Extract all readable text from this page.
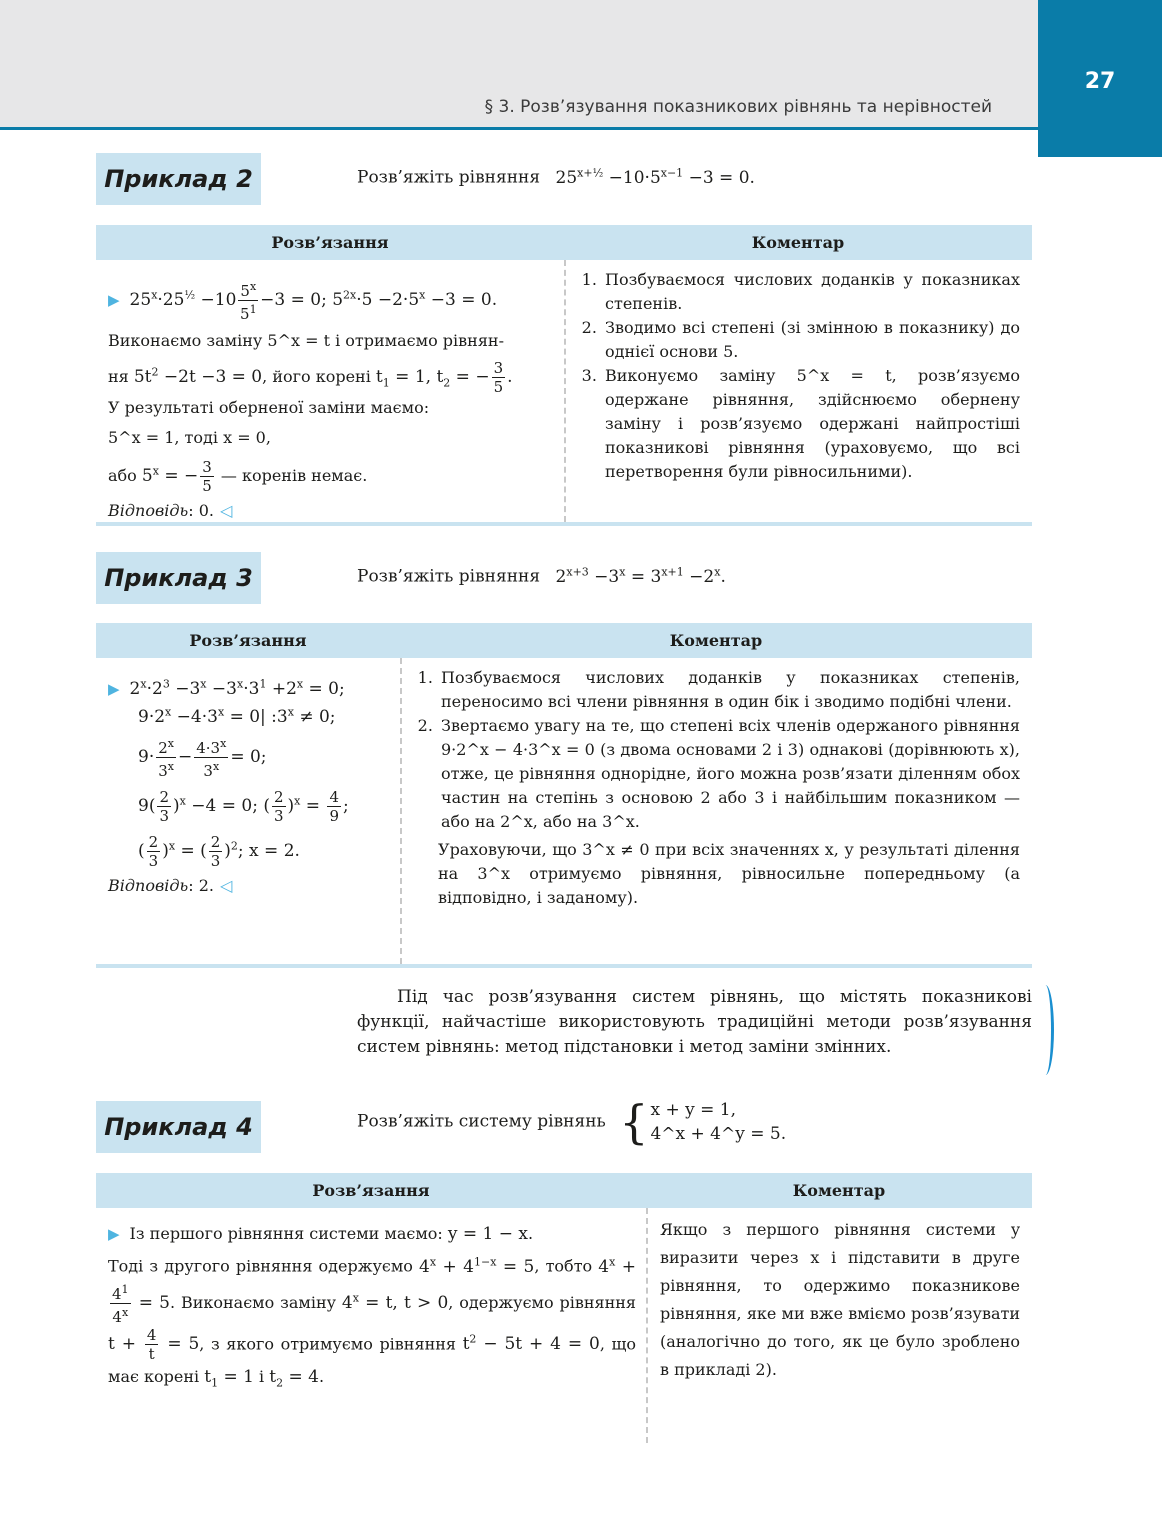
§ 3. Розв’язування показникових рівнянь та нерівностей
27
Приклад 2	Розв’яжіть рівняння $25^{x+\frac{1}{2}} -10\cdot 5^{x-1} -3 = 0$.
Розв’язання	Коментар

▶ $25^x\cdot 25^{\frac{1}{2}} -10 \frac{5^x}{5^1} -3 = 0$; $5^{2x}\cdot 5 -2\cdot 5^x -3 = 0$.

Виконаємо заміну 5^x = t і отримаємо рівнян-

ня $5t^2 -2t -3 = 0$, його корені $t_1 = 1$, $t_2$ = − $\frac{3}{5}$ .

У результаті оберненої заміни маємо:

5^x = 1, тоді x = 0,

або $5^x$ = − $\frac{3}{5}$ — коренів немає.

Відповідь: 0. ◁

1. Позбуваємося числових доданків у показниках степенів.
2. Зводимо всі степені (зі змінною в показнику) до однієї основи 5.
3. Виконуємо заміну 5^x = t, розв’язуємо одержане рівняння, здійснюємо обернену заміну і розв’язуємо одержані найпростіші показникові рівняння (ураховуємо, що всі перетворення були рівносильними).
Приклад 3	Розв’яжіть рівняння $2^{x+3} -3^x = 3^{x+1} -2^x$.
Розв’язання	Коментар

▶ $2^x\cdot 2^3 -3^x -3^x\cdot 3^1 +2^x = 0$;

$9\cdot 2^x -4\cdot 3^x = 0|$ $:3^x \ne 0$;

$9\cdot \frac{2^x}{3^x} - \frac{4\cdot 3^x}{3^x} = 0$;

$9( \frac{2}{3} )^x -4 = 0$; ( $\frac{2}{3} )^x = \frac{4}{9}$ ;

( $\frac{2}{3} )^x$ = ( $\frac{2}{3} )^2$; x = 2.

Відповідь: 2. ◁

1. Позбуваємося числових доданків у показниках степенів, переносимо всі члени рівняння в один бік і зводимо подібні члени.
2. Звертаємо увагу на те, що степені всіх членів одержаного рівняння 9·2^x − 4·3^x = 0 (з двома основами 2 і 3) однакові (дорівнюють x), отже, це рівняння однорідне, його можна розв’язати діленням обох частин на степінь з основою 2 або 3 і найбільшим показником — або на 2^x, або на 3^x.

Ураховуючи, що 3^x ≠ 0 при всіх значеннях x, у результаті ділення на 3^x отримуємо рівняння, рівносильне попередньому (а відповідно, і заданому).

Під час розв’язування систем рівнянь, що містять показникові функції, найчастіше використовують традиційні методи розв’язування систем рівнянь: метод підстановки і метод заміни змінних.
Приклад 4	Розв’яжіть систему рівнянь { x + y = 1,
4^x + 4^y = 5.
Розв’язання	Коментар

▶ Із першого рівняння системи маємо: y = 1 − x.

Тоді з другого рівняння одержуємо $4^x + 4^{1-x} = 5$, тобто $4^x$ +
$\frac{4^1}{4^x} = 5$. Виконаємо заміну $4^x = t$, t > 0, одержуємо рівняння $t + \frac{4}{t} = 5$, з якого отримуємо рівняння $t^2 - 5t + 4 = 0$, що має корені $t_1 = 1$ і $t_2 = 4$.

Якщо з першого рівняння системи y виразити через x і підставити в друге рівняння, то одержимо показникове рівняння, яке ми вже вміємо розв’язувати (аналогічно до того, як це було зроблено в прикладі 2).
